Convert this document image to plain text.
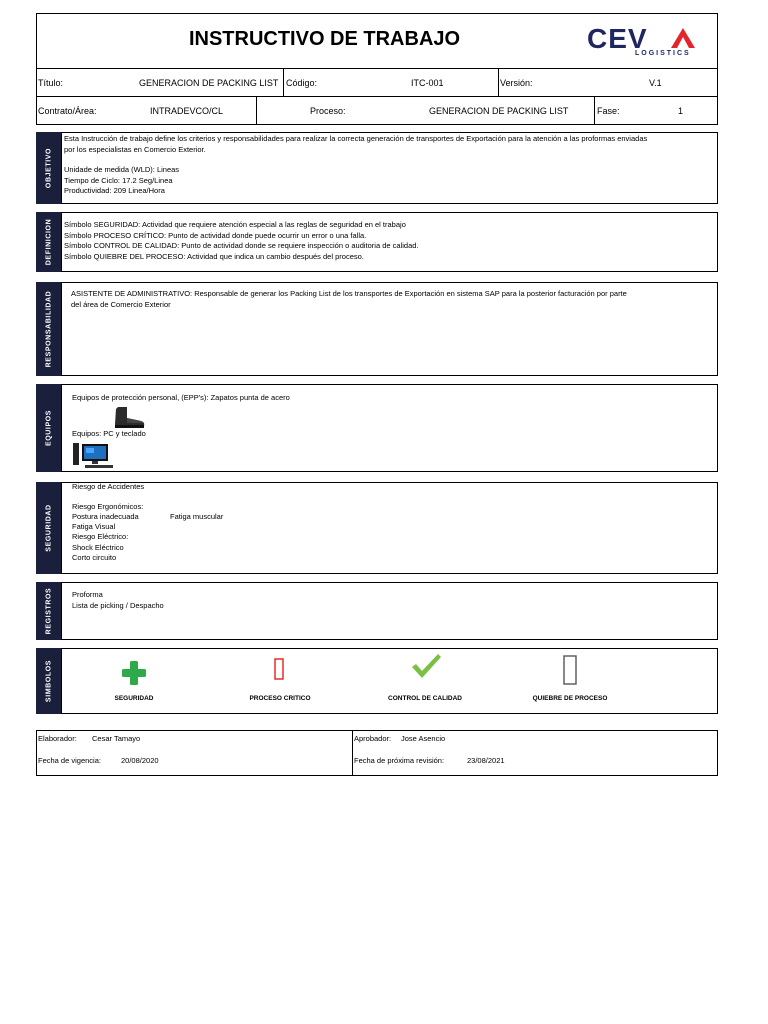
INSTRUCTIVO DE TRABAJO	CEV
LOGISTICS
Título:	GENERACION DE PACKING LIST Código:	ITC-001	Versión:	V.1
Contrato/Área:	INTRADEVCO/CL	Proceso:	GENERACION DE PACKING LIST	Fase:	1
OBJETIVO
Esta Instrucción de trabajo define los criterios y responsabilidades para realizar la correcta generación de transportes de Exportación para la atención a las proformas enviadas
por los especialistas en Comercio Exterior.
Unidade de medida (WLD): Lineas
Tiempo de Ciclo: 17.2 Seg/Linea
Productividad: 209 Linea/Hora
DEFINICION Símbolo SEGURIDAD: Actividad que requiere atención especial a las reglas de seguridad en el trabajo
Símbolo PROCESO CRÍTICO: Punto de actividad donde puede ocurrir un error o una falla.
Símbolo CONTROL DE CALIDAD: Punto de actividad donde se requiere inspección o auditoria de calidad.
Símbolo QUIEBRE DEL PROCESO: Actividad que indica un cambio después del proceso.
RESPONSABILIDAD	ASISTENTE DE ADMINISTRATIVO: Responsable de generar los Packing List de los transportes de Exportación en sistema SAP para la posterior facturación por parte
del área de Comercio Exterior
EQUIPOS
Equipos de protección personal, (EPP's): Zapatos punta de acero
Equipos: PC y teclado
SEGURIDAD
Riesgo de Accidentes
Riesgo Ergonómicos:
Postura inadecuada	Fatiga muscular
Fatiga Visual
Riesgo Eléctrico:
Shock Eléctrico
Corto circuito
REGISTROS	Proforma
Lista de picking / Despacho
SIMBOLOS	SEGURIDAD	PROCESO CRITICO	CONTROL DE CALIDAD	QUIEBRE DE PROCESO
Elaborador: Cesar Tamayo
Fecha de vigencia:	20/08/2020
Aprobador: Jose Asencio
Fecha de próxima revisión:	23/08/2021
